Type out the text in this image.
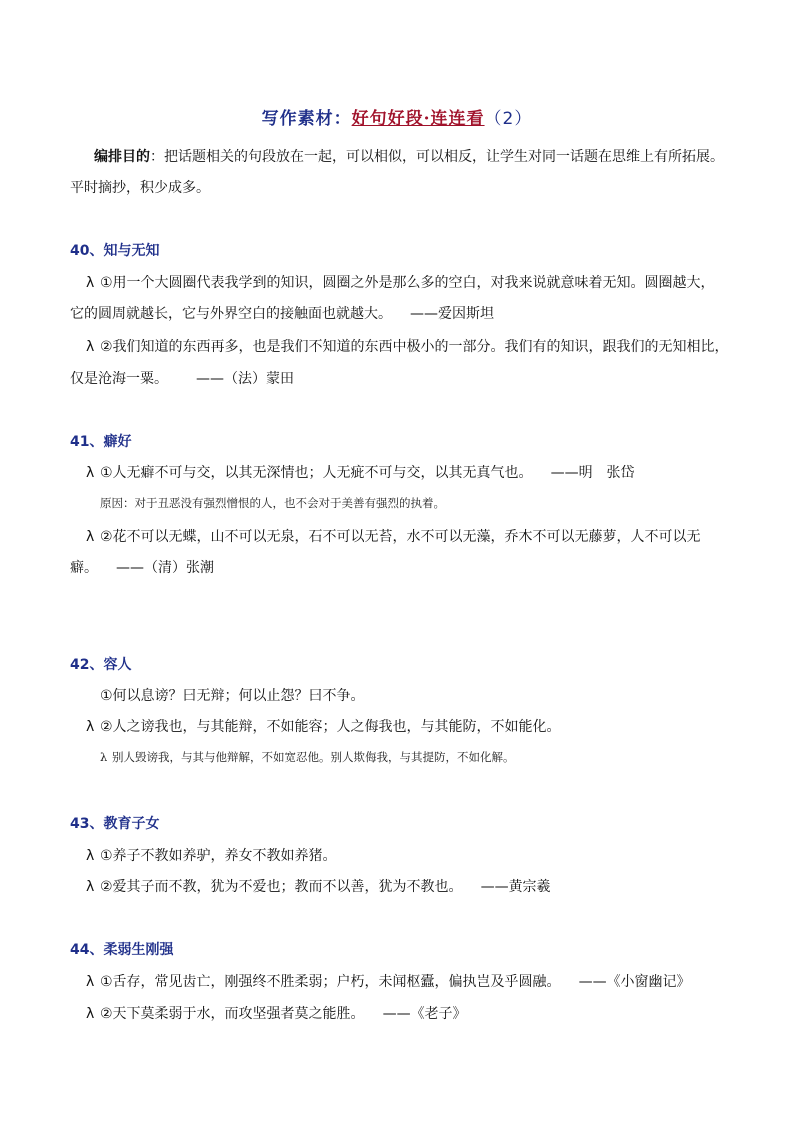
写作素材：好句好段·连连看（2）
编排目的：把话题相关的句段放在一起，可以相似，可以相反，让学生对同一话题在思维上有所拓展。
平时摘抄，积少成多。
40、知与无知
λ ①用一个大圆圈代表我学到的知识，圆圈之外是那么多的空白，对我来说就意味着无知。圆圈越大，
它的圆周就越长，它与外界空白的接触面也就越大。 ——爱因斯坦
λ ②我们知道的东西再多，也是我们不知道的东西中极小的一部分。我们有的知识，跟我们的无知相比，
仅是沧海一粟。 ——（法）蒙田
41、癖好
λ ①人无癖不可与交，以其无深情也；人无疵不可与交，以其无真气也。 ——明　张岱
原因：对于丑恶没有强烈憎恨的人，也不会对于美善有强烈的执着。
λ ②花不可以无蝶，山不可以无泉，石不可以无苔，水不可以无藻，乔木不可以无藤萝，人不可以无
癖。 ——（清）张潮
42、容人
①何以息谤？曰无辩；何以止怨？曰不争。
λ ②人之谤我也，与其能辩，不如能容；人之侮我也，与其能防，不如能化。
λ 别人毁谤我，与其与他辩解，不如宽忍他。别人欺侮我，与其提防，不如化解。
43、教育子女
λ ①养子不教如养驴，养女不教如养猪。
λ ②爱其子而不教，犹为不爱也；教而不以善，犹为不教也。 ——黄宗羲
44、柔弱生刚强
λ ①舌存，常见齿亡，刚强终不胜柔弱；户朽，未闻枢蠹，偏执岂及乎圆融。 ——《小窗幽记》
λ ②天下莫柔弱于水，而攻坚强者莫之能胜。 ——《老子》
